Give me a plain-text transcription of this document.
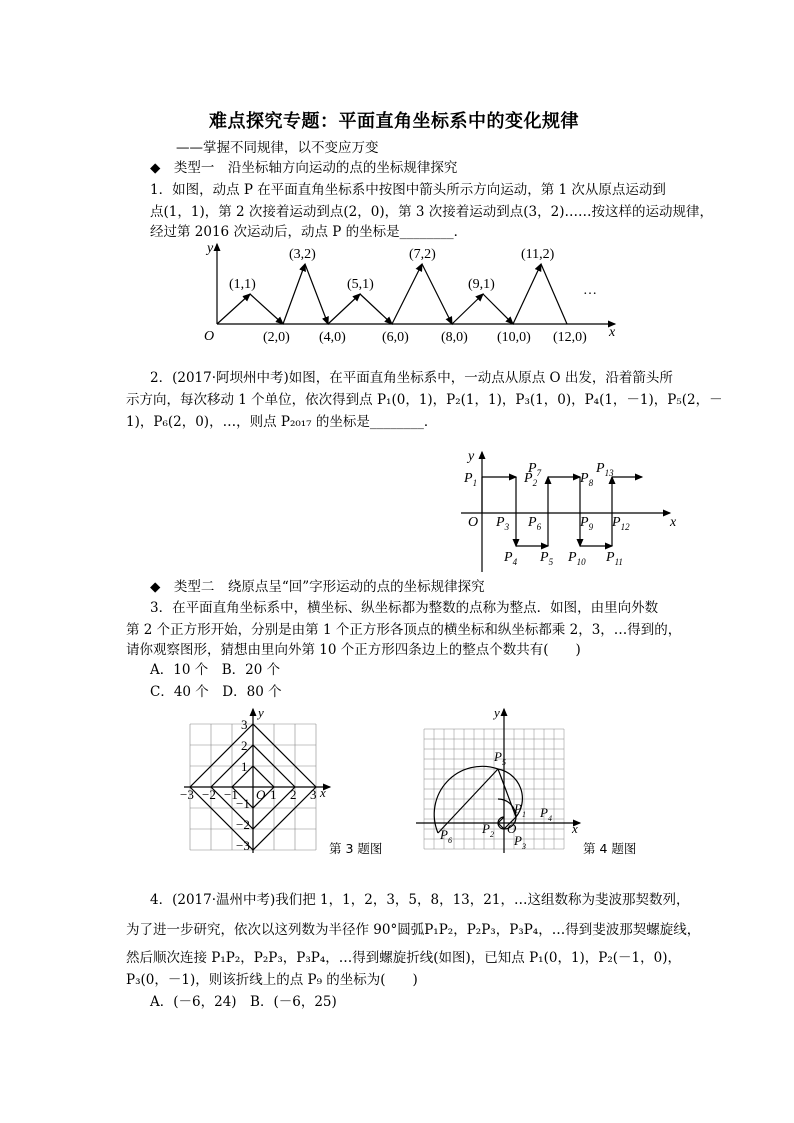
难点探究专题：平面直角坐标系中的变化规律
——掌握不同规律，以不变应万变
◆　类型一　沿坐标轴方向运动的点的坐标规律探究
1．如图，动点 P 在平面直角坐标系中按图中箭头所示方向运动，第 1 次从原点运动到
点(1，1)，第 2 次接着运动到点(2，0)，第 3 次接着运动到点(3，2)……按这样的运动规律，
经过第 2016 次运动后，动点 P 的坐标是________．
O	x
y
(1,1)
(3,2)
(5,1)
(7,2)
(9,1)
(11,2)
…
(2,0) (4,0)	(6,0) (8,0) (10,0) (12,0)
2．(2017·阿坝州中考)如图，在平面直角坐标系中，一动点从原点 O 出发，沿着箭头所
示方向，每次移动 1 个单位，依次得到点 P₁(0，1)，P₂(1，1)，P₃(1，0)，P₄(1，－1)，P₅(2，－
1)，P₆(2，0)，…，则点 P₂₀₁₇ 的坐标是________．
x
y
O
$P_1$	$P_2$
$P_7$	$P_8$
$P_{13}$
$P_3$ $P_6$	$P_9$ $P_{12}$
$P_4$ $P_5$ $P_{10}$ $P_{11}$
◆　类型二　绕原点呈“回”字形运动的点的坐标规律探究
3．在平面直角坐标系中，横坐标、纵坐标都为整数的点称为整点．如图，由里向外数
第 2 个正方形开始，分别是由第 1 个正方形各顶点的横坐标和纵坐标都乘 2，3，…得到的，
请你观察图形，猜想由里向外第 10 个正方形四条边上的整点个数共有(　　)
A．10 个　B．20 个
C．40 个　D．80 个
−3 −2 −1 1 2 3
3
2
1
−1
−2
−3
O	x
y
第 3 题图
$P_5$
$P_1$ $P_4$
$P_2$
$P_6$	$P_3$
O	x
y
第 4 题图
4．(2017·温州中考)我们把 1，1，2，3，5，8，13，21，…这组数称为斐波那契数列，
为了进一步研究，依次以这列数为半径作 90°圆弧P₁P₂，P₂P₃，P₃P₄，…得到斐波那契螺旋线，
然后顺次连接 P₁P₂，P₂P₃，P₃P₄，…得到螺旋折线(如图)，已知点 P₁(0，1)，P₂(－1，0)，
P₃(0，－1)，则该折线上的点 P₉ 的坐标为(　　)
A．(－6，24)　B．(－6，25)
